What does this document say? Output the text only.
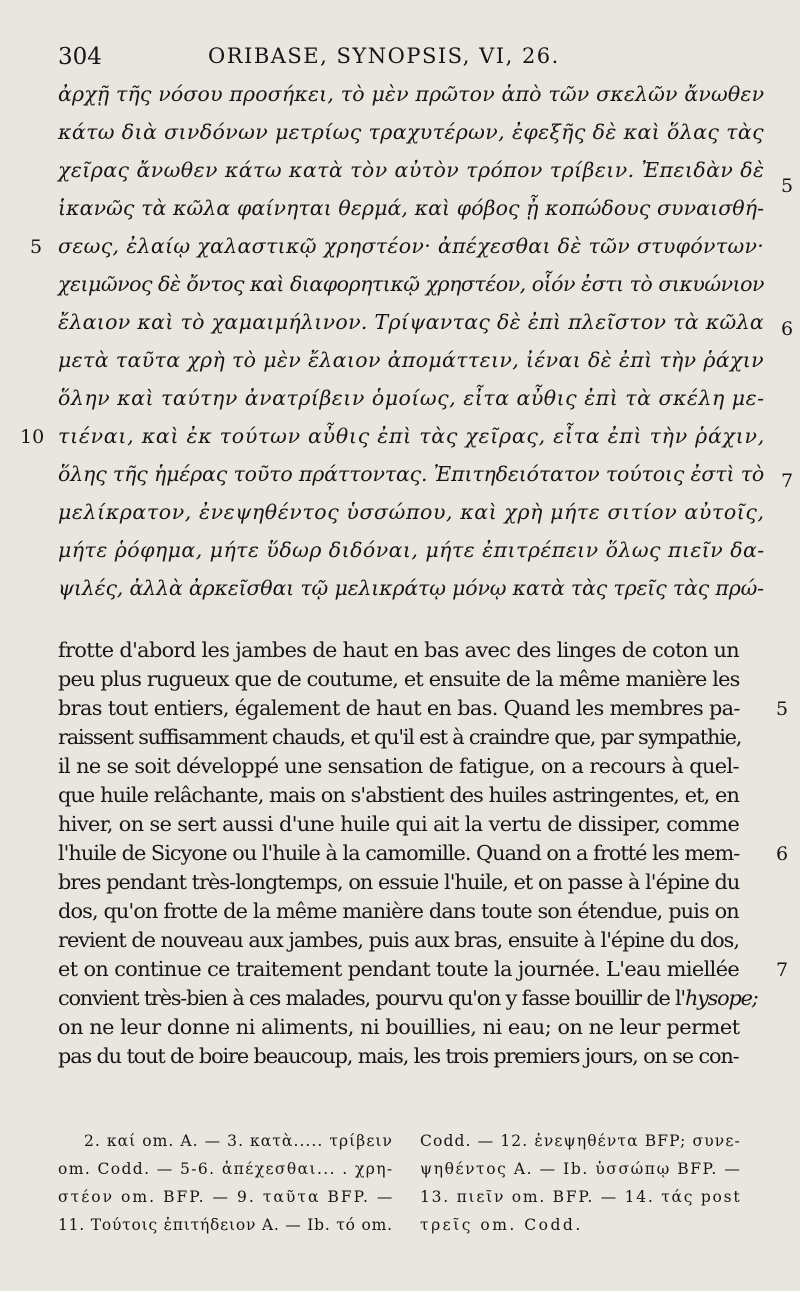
304	ORIBASE, SYNOPSIS, VI, 26.
ἀρχῇ τῆς νόσου προσήκει, τὸ μὲν πρῶτον ἀπὸ τῶν σκελῶν ἄνωθεν
κάτω διὰ σινδόνων μετρίως τραχυτέρων, ἐφεξῆς δὲ καὶ ὅλας τὰς
χεῖρας ἄνωθεν κάτω κατὰ τὸν αὐτὸν τρόπον τρίβειν. Ἐπειδὰν δὲ
ἱκανῶς τὰ κῶλα φαίνηται θερμά, καὶ φόβος ᾖ κοπώδους συναισθή-
σεως, ἐλαίῳ χαλαστικῷ χρηστέον· ἀπέχεσθαι δὲ τῶν στυφόντων·
χειμῶνος δὲ ὄντος καὶ διαφορητικῷ χρηστέον, οἷόν ἐστι τὸ σικυώνιον
ἔλαιον καὶ τὸ χαμαιμήλινον. Τρίψαντας δὲ ἐπὶ πλεῖστον τὰ κῶλα
μετὰ ταῦτα χρὴ τὸ μὲν ἔλαιον ἀπομάττειν, ἰέναι δὲ ἐπὶ τὴν ῥάχιν
ὅλην καὶ ταύτην ἀνατρίβειν ὁμοίως, εἶτα αὖθις ἐπὶ τὰ σκέλη με-
τιέναι, καὶ ἐκ τούτων αὖθις ἐπὶ τὰς χεῖρας, εἶτα ἐπὶ τὴν ῥάχιν,
ὅλης τῆς ἡμέρας τοῦτο πράττοντας. Ἐπιτηδειότατον τούτοις ἐστὶ τὸ
μελίκρατον, ἐνεψηθέντος ὑσσώπου, καὶ χρὴ μήτε σιτίον αὐτοῖς,
μήτε ῥόφημα, μήτε ὕδωρ διδόναι, μήτε ἐπιτρέπειν ὅλως πιεῖν δα-
ψιλές, ἀλλὰ ἀρκεῖσθαι τῷ μελικράτῳ μόνῳ κατὰ τὰς τρεῖς τὰς πρώ-
5
10
5
6
7
frotte d'abord les jambes de haut en bas avec des linges de coton un
peu plus rugueux que de coutume, et ensuite de la même manière les
bras tout entiers, également de haut en bas. Quand les membres pa-
raissent suffisamment chauds, et qu'il est à craindre que, par sympathie,
il ne se soit développé une sensation de fatigue, on a recours à quel-
que huile relâchante, mais on s'abstient des huiles astringentes, et, en
hiver, on se sert aussi d'une huile qui ait la vertu de dissiper, comme
l'huile de Sicyone ou l'huile à la camomille. Quand on a frotté les mem-
bres pendant très-longtemps, on essuie l'huile, et on passe à l'épine du
dos, qu'on frotte de la même manière dans toute son étendue, puis on
revient de nouveau aux jambes, puis aux bras, ensuite à l'épine du dos,
et on continue ce traitement pendant toute la journée. L'eau miellée
convient très-bien à ces malades, pourvu qu'on y fasse bouillir de l'hysope;
on ne leur donne ni aliments, ni bouillies, ni eau; on ne leur permet
pas du tout de boire beaucoup, mais, les trois premiers jours, on se con-
5
6
7
2. καί om. A. — 3. κατὰ..... τρίβειν
om. Codd. — 5-6. ἀπέχεσθαι... . χρη-
στέον om. BFP. — 9. ταῦτα BFP. —
11. Τούτοις ἐπιτήδειον A. — Ib. τό om.
Codd. — 12. ἐνεψηθέντα BFP; συνε-
ψηθέντος A. — Ib. ὑσσώπῳ BFP. —
13. πιεῖν om. BFP. — 14. τάς post
τρεῖς om. Codd.
